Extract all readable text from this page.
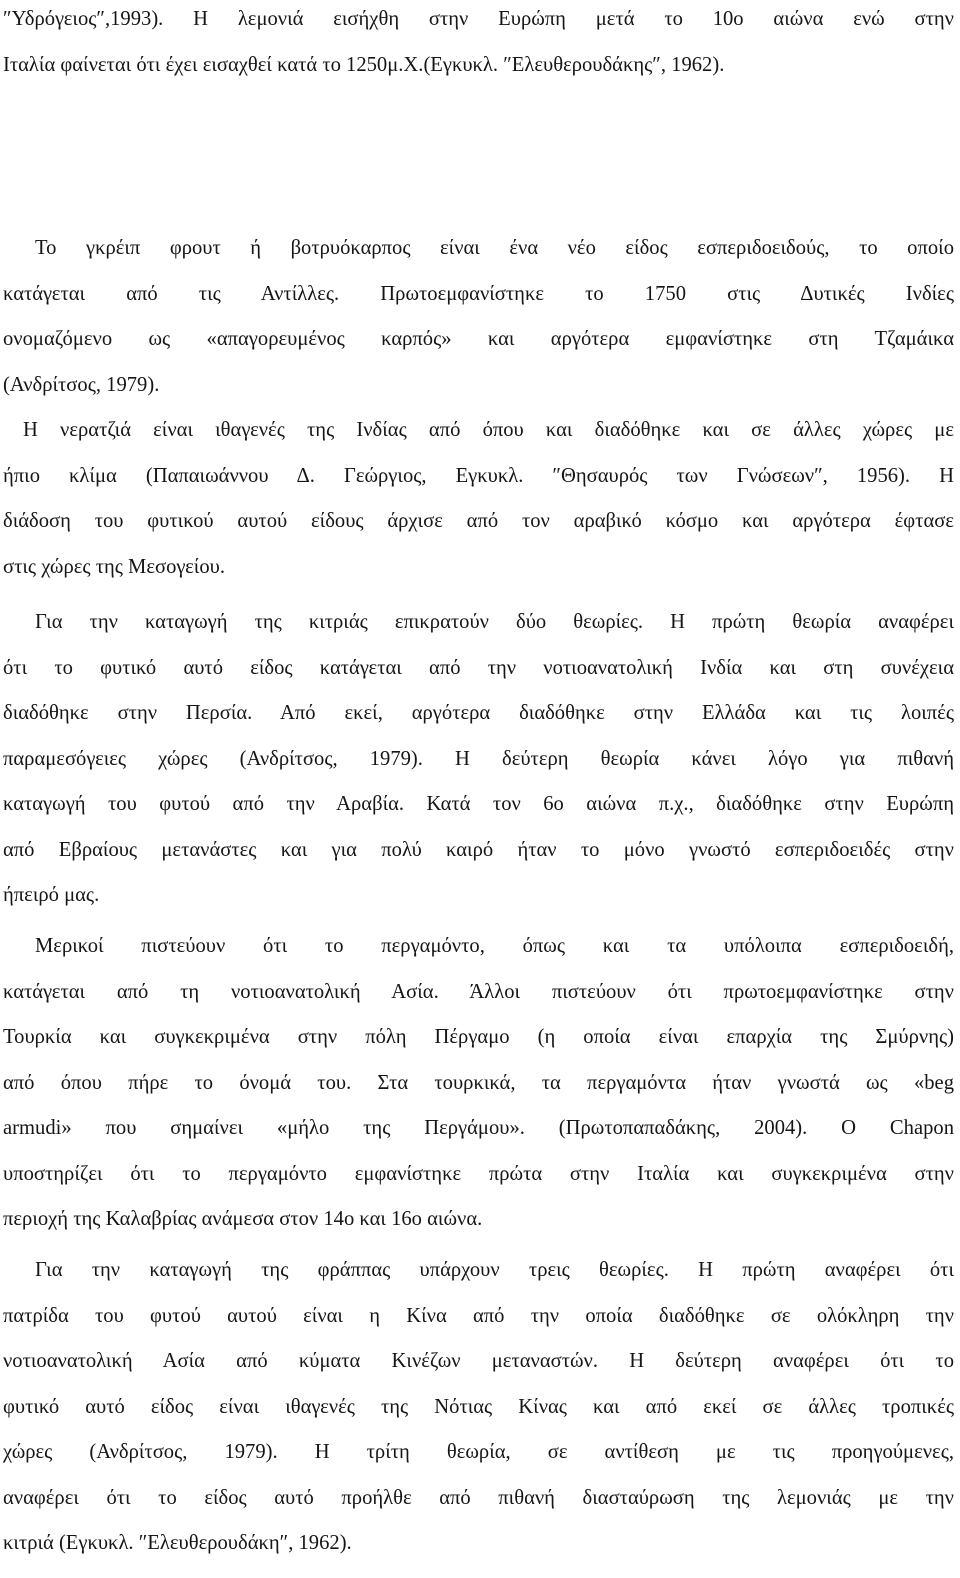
″Υδρόγειος″,1993). Η λεμονιά εισήχθη στην Ευρώπη μετά το 10ο αιώνα ενώ στην
Ιταλία φαίνεται ότι έχει εισαχθεί κατά το 1250μ.Χ.(Εγκυκλ. ″Ελευθερουδάκης″, 1962).
Το γκρέιπ φρουτ ή βοτρυόκαρπος είναι ένα νέο είδος εσπεριδοειδούς, το οποίο
κατάγεται από τις Αντίλλες. Πρωτοεμφανίστηκε το 1750 στις Δυτικές Ινδίες
ονομαζόμενο ως «απαγορευμένος καρπός» και αργότερα εμφανίστηκε στη Τζαμάικα
(Ανδρίτσος, 1979).
Η νερατζιά είναι ιθαγενές της Ινδίας από όπου και διαδόθηκε και σε άλλες χώρες με
ήπιο κλίμα (Παπαιωάννου Δ. Γεώργιος, Εγκυκλ. ″Θησαυρός των Γνώσεων″, 1956). Η
διάδοση του φυτικού αυτού είδους άρχισε από τον αραβικό κόσμο και αργότερα έφτασε
στις χώρες της Μεσογείου.
Για την καταγωγή της κιτριάς επικρατούν δύο θεωρίες. Η πρώτη θεωρία αναφέρει
ότι το φυτικό αυτό είδος κατάγεται από την νοτιοανατολική Ινδία και στη συνέχεια
διαδόθηκε στην Περσία. Από εκεί, αργότερα διαδόθηκε στην Ελλάδα και τις λοιπές
παραμεσόγειες χώρες (Ανδρίτσος, 1979). Η δεύτερη θεωρία κάνει λόγο για πιθανή
καταγωγή του φυτού από την Αραβία. Κατά τον 6ο αιώνα π.χ., διαδόθηκε στην Ευρώπη
από Εβραίους μετανάστες και για πολύ καιρό ήταν το μόνο γνωστό εσπεριδοειδές στην
ήπειρό μας.
Μερικοί πιστεύουν ότι το περγαμόντο, όπως και τα υπόλοιπα εσπεριδοειδή,
κατάγεται από τη νοτιοανατολική Ασία. Άλλοι πιστεύουν ότι πρωτοεμφανίστηκε στην
Τουρκία και συγκεκριμένα στην πόλη Πέργαμο (η οποία είναι επαρχία της Σμύρνης)
από όπου πήρε το όνομά του. Στα τουρκικά, τα περγαμόντα ήταν γνωστά ως «beg
armudi» που σημαίνει «μήλο της Περγάμου». (Πρωτοπαπαδάκης, 2004). Ο Chapon
υποστηρίζει ότι το περγαμόντο εμφανίστηκε πρώτα στην Ιταλία και συγκεκριμένα στην
περιοχή της Καλαβρίας ανάμεσα στον 14ο και 16ο αιώνα.
Για την καταγωγή της φράππας υπάρχουν τρεις θεωρίες. Η πρώτη αναφέρει ότι
πατρίδα του φυτού αυτού είναι η Κίνα από την οποία διαδόθηκε σε ολόκληρη την
νοτιοανατολική Ασία από κύματα Κινέζων μεταναστών. Η δεύτερη αναφέρει ότι το
φυτικό αυτό είδος είναι ιθαγενές της Νότιας Κίνας και από εκεί σε άλλες τροπικές
χώρες (Ανδρίτσος, 1979). Η τρίτη θεωρία, σε αντίθεση με τις προηγούμενες,
αναφέρει ότι το είδος αυτό προήλθε από πιθανή διασταύρωση της λεμονιάς με την
κιτριά (Εγκυκλ. ″Ελευθερουδάκη″, 1962).
